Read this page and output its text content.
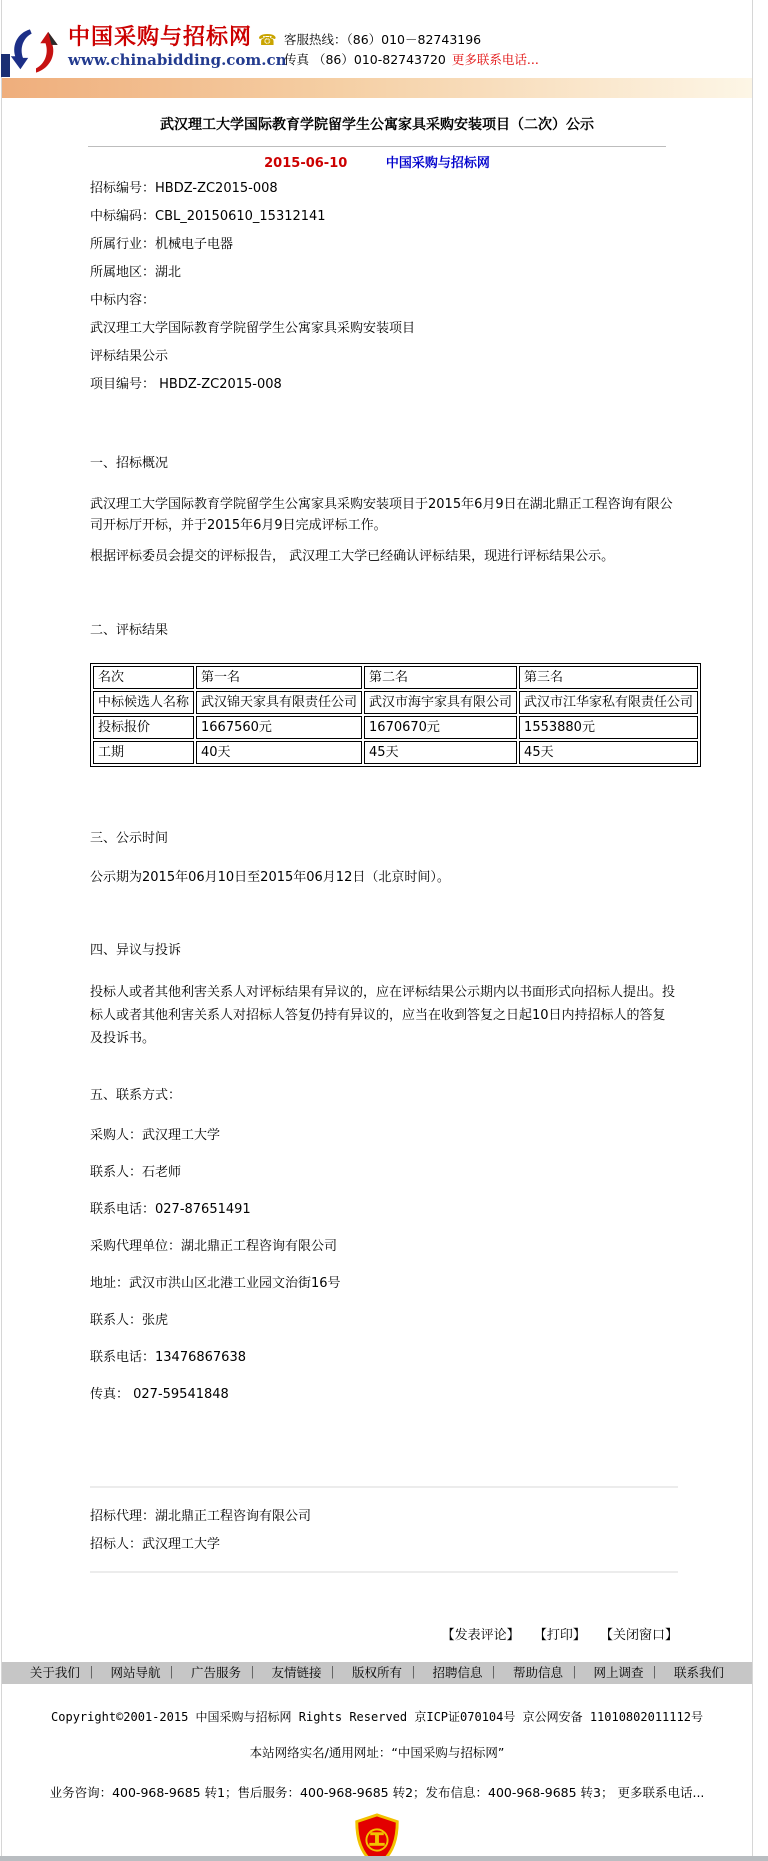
中国采购与招标网
www.chinabidding.com.cn
☎ 客服热线：（86）010－82743196
传真 （86）010-82743720 更多联系电话...
武汉理工大学国际教育学院留学生公寓家具采购安装项目（二次）公示
2015-06-10	中国采购与招标网

招标编号：HBDZ-ZC2015-008

中标编码：CBL_20150610_15312141

所属行业：机械电子电器

所属地区：湖北

中标内容：

武汉理工大学国际教育学院留学生公寓家具采购安装项目

评标结果公示

项目编号： HBDZ-ZC2015-008

一、招标概况

武汉理工大学国际教育学院留学生公寓家具采购安装项目于2015年6月9日在湖北鼎正工程咨询有限公司开标厅开标，并于2015年6月9日完成评标工作。

根据评标委员会提交的评标报告， 武汉理工大学已经确认评标结果，现进行评标结果公示。

二、评标结果

名次	第一名	第二名	第三名
中标候选人名称	武汉锦天家具有限责任公司	武汉市海宇家具有限公司	武汉市江华家私有限责任公司
投标报价	1667560元	1670670元	1553880元
工期	40天	45天	45天

三、公示时间

公示期为2015年06月10日至2015年06月12日（北京时间）。

四、异议与投诉

投标人或者其他利害关系人对评标结果有异议的，应在评标结果公示期内以书面形式向招标人提出。投标人或者其他利害关系人对招标人答复仍持有异议的，应当在收到答复之日起10日内持招标人的答复及投诉书。

五、联系方式：

采购人：武汉理工大学

联系人：石老师

联系电话：027-87651491

采购代理单位：湖北鼎正工程咨询有限公司

地址：武汉市洪山区北港工业园文治街16号

联系人：张虎

联系电话：13476867638

传真： 027-59541848

招标代理：湖北鼎正工程咨询有限公司

招标人：武汉理工大学

【发表评论】 【打印】 【关闭窗口】
关于我们 ｜ 网站导航 ｜ 广告服务 ｜ 友情链接 ｜ 版权所有 ｜ 招聘信息 ｜ 帮助信息 ｜ 网上调查 ｜ 联系我们
Copyright©2001-2015 中国采购与招标网 Rights Reserved 京ICP证070104号 京公网安备 11010802011112号
本站网络实名/通用网址：“中国采购与招标网”
业务咨询：400-968-9685 转1；售后服务：400-968-9685 转2；发布信息：400-968-9685 转3； 更多联系电话...
